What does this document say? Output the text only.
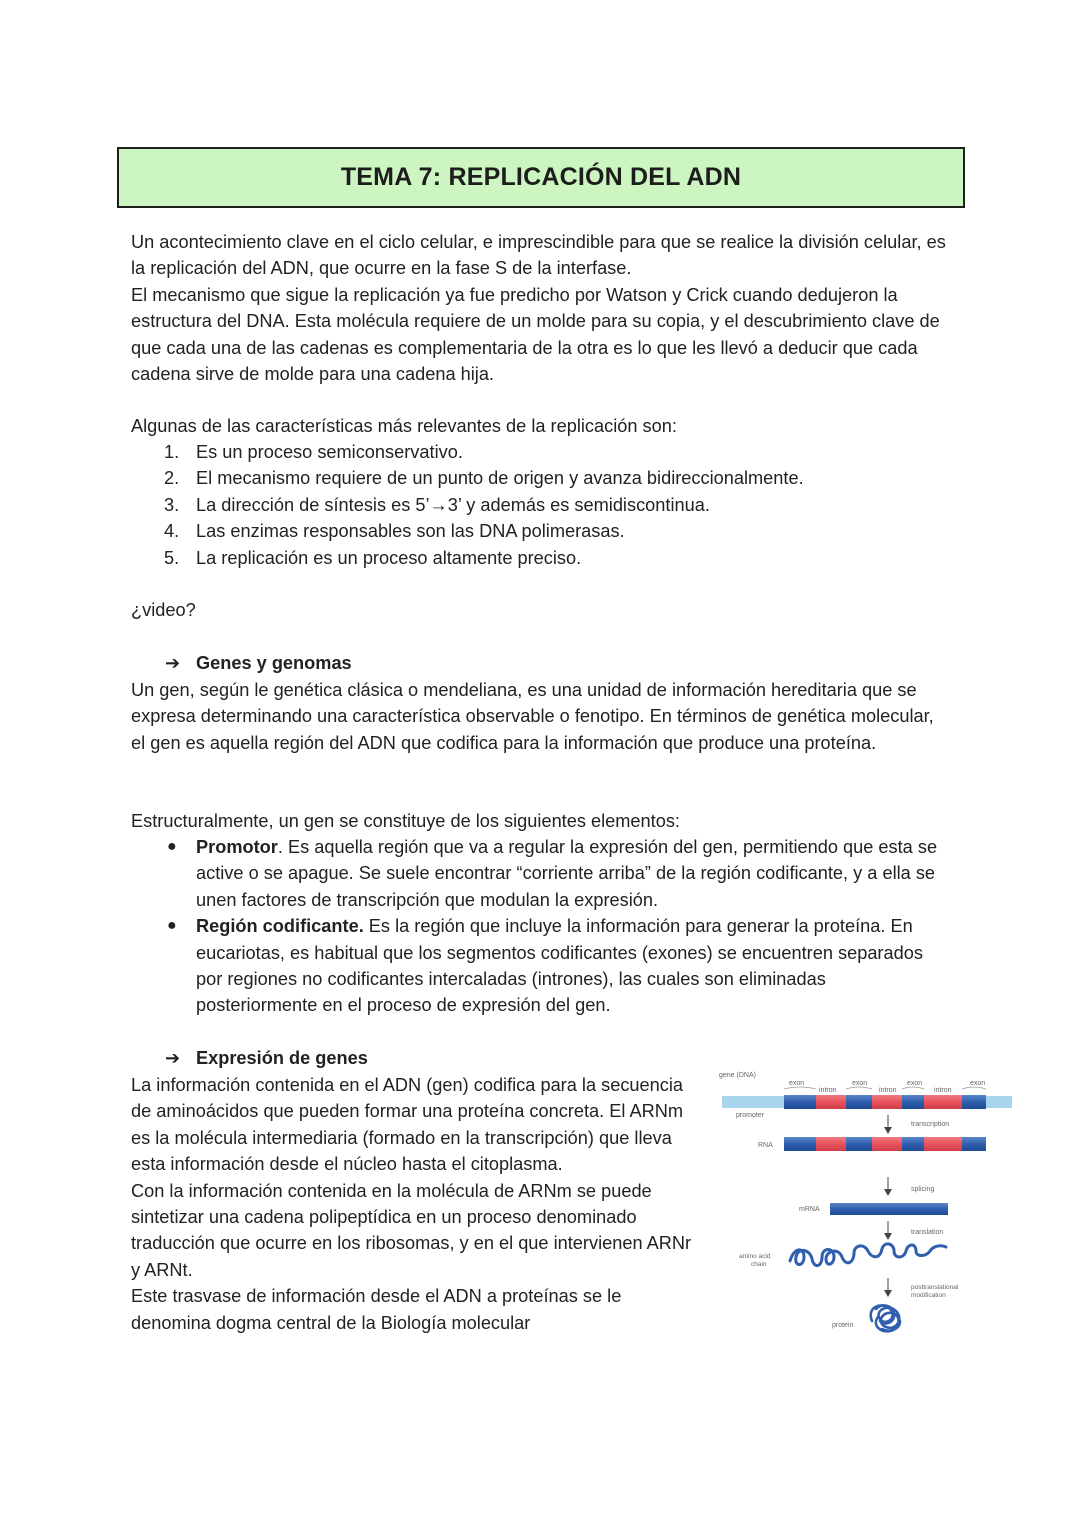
TEMA 7: REPLICACIÓN DEL ADN

Un acontecimiento clave en el ciclo celular, e imprescindible para que se realice la división celular, es la replicación del ADN, que ocurre en la fase S de la interfase.

El mecanismo que sigue la replicación ya fue predicho por Watson y Crick cuando dedujeron la estructura del DNA. Esta molécula requiere de un molde para su copia, y el descubrimiento clave de que cada una de las cadenas es complementaria de la otra es lo que les llevó a deducir que cada cadena sirve de molde para una cadena hija.

Algunas de las características más relevantes de la replicación son:
1. Es un proceso semiconservativo.
2. El mecanismo requiere de un punto de origen y avanza bidireccionalmente.
3. La dirección de síntesis es 5’→3’ y además es semidiscontinua.
4. Las enzimas responsables son las DNA polimerasas.
5. La replicación es un proceso altamente preciso.
¿video?
➔ Genes y genomas
Un gen, según le genética clásica o mendeliana, es una unidad de información hereditaria que se expresa determinando una característica observable o fenotipo. En términos de genética molecular, el gen es aquella región del ADN que codifica para la información que produce una proteína.
Estructuralmente, un gen se constituye de los siguientes elementos:
● Promotor. Es aquella región que va a regular la expresión del gen, permitiendo que esta se active o se apague. Se suele encontrar “corriente arriba” de la región codificante, y a ella se unen factores de transcripción que modulan la expresión.
● Región codificante. Es la región que incluye la información para generar la proteína. En eucariotas, es habitual que los segmentos codificantes (exones) se encuentren separados por regiones no codificantes intercaladas (intrones), las cuales son eliminadas posteriormente en el proceso de expresión del gen.
➔ Expresión de genes

La información contenida en el ADN (gen) codifica para la secuencia de aminoácidos que pueden formar una proteína concreta. El ARNm es la molécula intermediaria (formado en la transcripción) que lleva esta información desde el núcleo hasta el citoplasma.

Con la información contenida en la molécula de ARNm se puede sintetizar una cadena polipeptídica en un proceso denominado traducción que ocurre en los ribosomas, y en el que intervienen ARNr y ARNt.

Este trasvase de información desde el ADN a proteínas se le denomina dogma central de la Biología molecular

gene (DNA)
exon
intron
exon
intron
exon
intron
exon
promoter
transcription
RNA
splicing
mRNA
translation
amino acid
chain
posttranslational
modification
protein
